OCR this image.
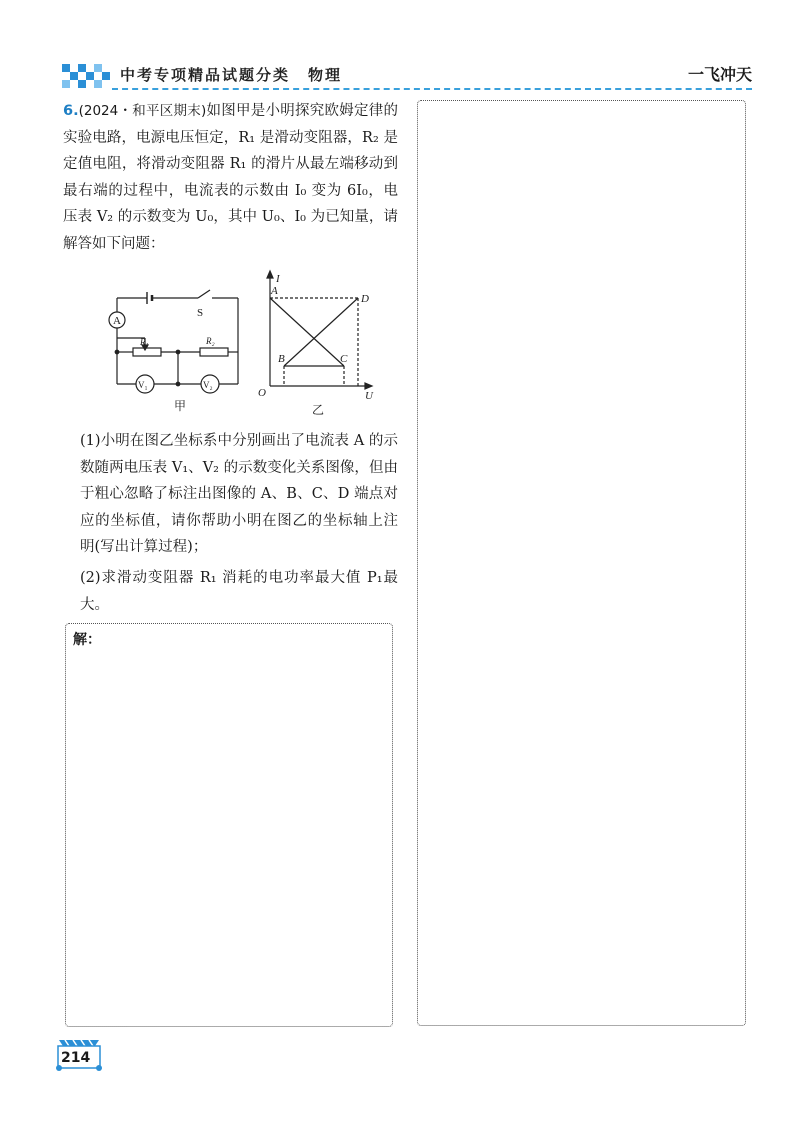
中考专项精品试题分类 物理	一飞冲天

6.(2024・和平区期末)如图甲是小明探究欧姆定律的实验电路，电源电压恒定，R₁ 是滑动变阻器，R₂ 是定值电阻，将滑动变阻器 R₁ 的滑片从最左端移动到最右端的过程中，电流表的示数由 I₀ 变为 6I₀，电压表 V₂ 的示数变为 U₀，其中 U₀、I₀ 为已知量，请解答如下问题：

A
S
R₁	R₂
V₁	V₂
甲
I
U
O
A
B	C
D
乙
(1)小明在图乙坐标系中分别画出了电流表 A 的示数随两电压表 V₁、V₂ 的示数变化关系图像，但由于粗心忽略了标注出图像的 A、B、C、D 端点对应的坐标值，请你帮助小明在图乙的坐标轴上注明(写出计算过程)；
(2)求滑动变阻器 R₁ 消耗的电功率最大值 P₁最大。
解：
214
